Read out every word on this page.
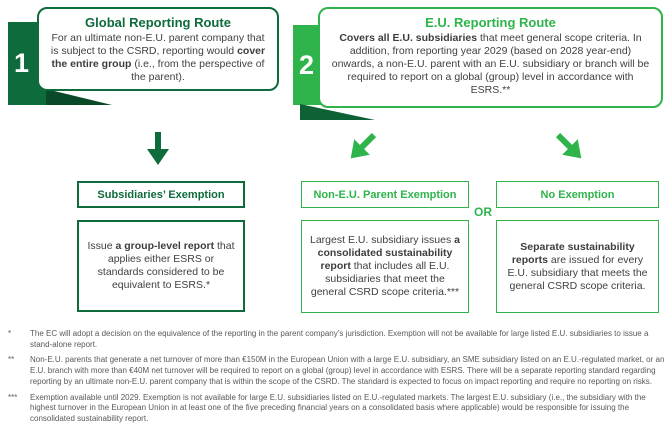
1	2
Global Reporting Route
For an ultimate non-E.U. parent company that is subject to the CSRD, reporting would cover the entire group (i.e., from the perspective of the parent).
E.U. Reporting Route
Covers all E.U. subsidiaries that meet general scope criteria. In addition, from reporting year 2029 (based on 2028 year-end) onwards, a non-E.U. parent with an E.U. subsidiary or branch will be required to report on a global (group) level in accordance with ESRS.**
Subsidiaries’ Exemption	Non-E.U. Parent Exemption	No Exemption
OR
Issue a group-level report that applies either ESRS or standards considered to be equivalent to ESRS.*
Largest E.U. subsidiary issues a consolidated sustainability report that includes all E.U. subsidiaries that meet the general CSRD scope criteria.***
Separate sustainability reports are issued for every E.U. subsidiary that meets the general CSRD scope criteria.
*	The EC will adopt a decision on the equivalence of the reporting in the parent company’s jurisdiction. Exemption will not be available for large listed E.U. subsidiaries to issue a stand-alone report.
**	Non-E.U. parents that generate a net turnover of more than €150M in the European Union with a large E.U. subsidiary, an SME subsidiary listed on an E.U.-regulated market, or an E.U. branch with more than €40M net turnover will be required to report on a global (group) level in accordance with ESRS. There will be a separate reporting standard regarding reporting by an ultimate non-E.U. parent company that is within the scope of the CSRD. The standard is expected to focus on impact reporting and require no reporting on risks.
***	Exemption available until 2029. Exemption is not available for large E.U. subsidiaries listed on E.U.-regulated markets. The largest E.U. subsidiary (i.e., the subsidiary with the highest turnover in the European Union in at least one of the five preceding financial years on a consolidated basis where applicable) would be responsible for issuing the consolidated sustainability report.
